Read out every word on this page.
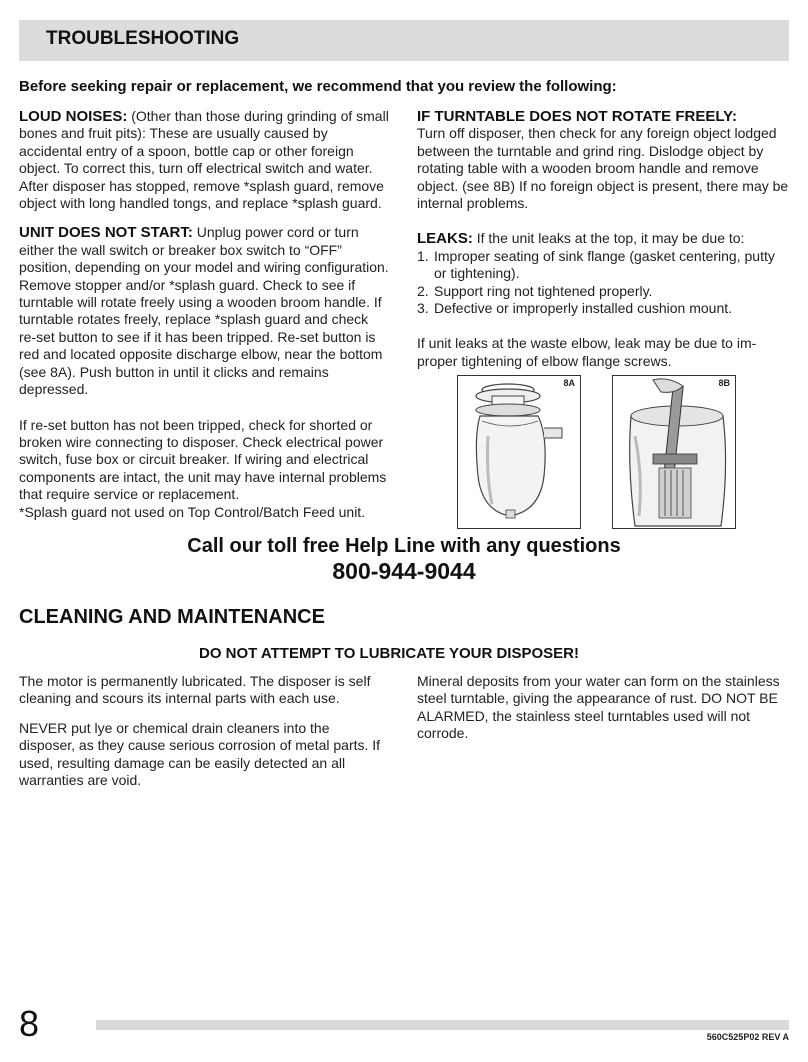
TROUBLESHOOTING
Before seeking repair or replacement, we recommend that you review the following:

LOUD NOISES: (Other than those during grinding of small bones and fruit pits): These are usually caused by accidental entry of a spoon, bottle cap or other foreign object. To correct this, turn off electrical switch and water. After disposer has stopped, remove *splash guard, remove object with long handled tongs, and replace *splash guard.

UNIT DOES NOT START: Unplug power cord or turn either the wall switch or breaker box switch to “OFF” position, depending on your model and wiring configuration. Remove stopper and/or *splash guard. Check to see if turntable will rotate freely using a wooden broom handle. If turntable rotates freely, replace *splash guard and check re-set button to see if it has been tripped. Re-set button is red and located opposite discharge elbow, near the bottom (see 8A). Push button in until it clicks and remains depressed.

If re-set button has not been tripped, check for shorted or broken wire connecting to disposer. Check electrical power switch, fuse box or circuit breaker. If wiring and electrical components are intact, the unit may have internal problems that require service or replacement.

*Splash guard not used on Top Control/Batch Feed unit.

IF TURNTABLE DOES NOT ROTATE FREELY:

Turn off disposer, then check for any foreign object lodged between the turntable and grind ring. Dislodge object by rotating table with a wooden broom handle and remove object. (see 8B) If no foreign object is present, there may be internal problems.

LEAKS: If the unit leaks at the top, it may be due to:

1. Improper seating of sink flange (gasket centering, putty or tightening).
2. Support ring not tightened properly.
3. Defective or improperly installed cushion mount.

If unit leaks at the waste elbow, leak may be due to im-proper tightening of elbow flange screws.

8A	8B
Call our toll free Help Line with any questions
800-944-9044
CLEANING AND MAINTENANCE
DO NOT ATTEMPT TO LUBRICATE YOUR DISPOSER!

The motor is permanently lubricated. The disposer is self cleaning and scours its internal parts with each use.

NEVER put lye or chemical drain cleaners into the disposer, as they cause serious corrosion of metal parts. If used, resulting damage can be easily detected an all warranties are void.

Mineral deposits from your water can form on the stainless steel turntable, giving the appearance of rust. DO NOT BE ALARMED, the stainless steel turntables used will not corrode.

8	560C525P02 REV A
